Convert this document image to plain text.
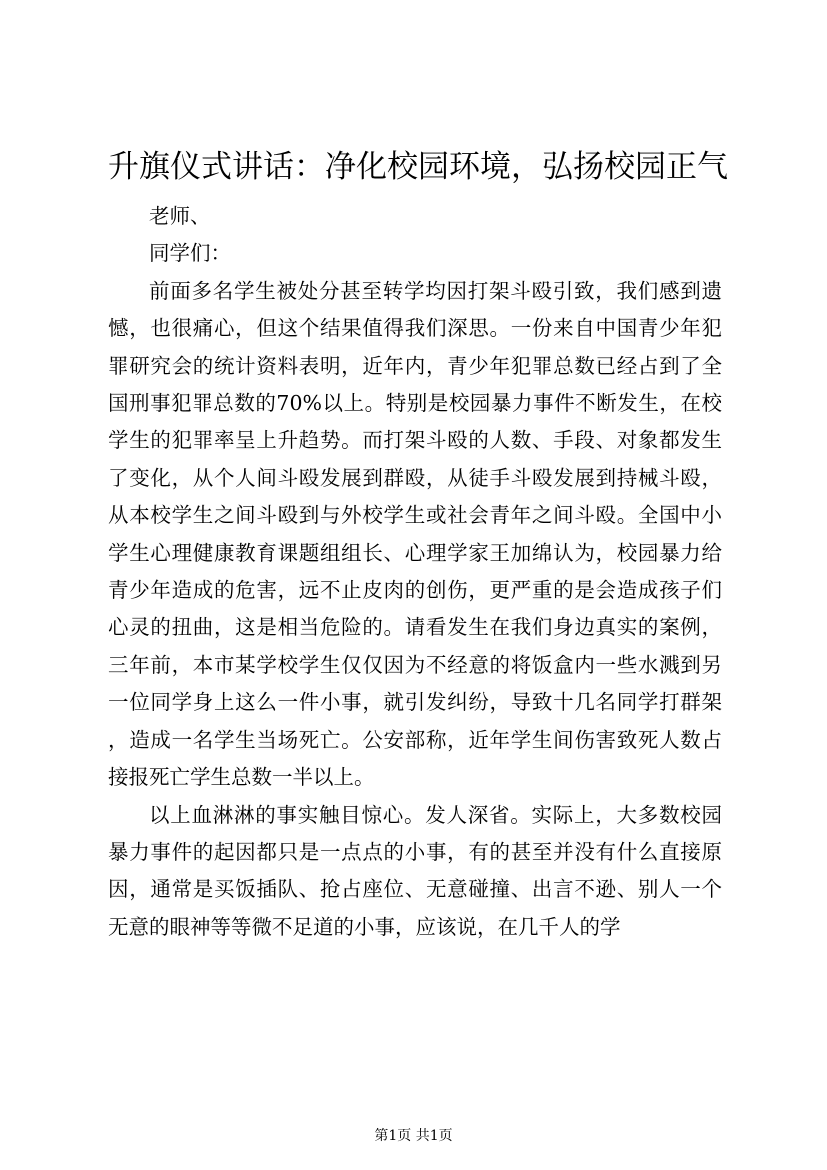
升旗仪式讲话：净化校园环境，弘扬校园正气

老师、

同学们：

前面多名学生被处分甚至转学均因打架斗殴引致，我们感到遗憾，也很痛心，但这个结果值得我们深思。一份来自中国青少年犯罪研究会的统计资料表明，近年内，青少年犯罪总数已经占到了全国刑事犯罪总数的70%以上。特别是校园暴力事件不断发生，在校学生的犯罪率呈上升趋势。而打架斗殴的人数、手段、对象都发生了变化，从个人间斗殴发展到群殴，从徒手斗殴发展到持械斗殴，从本校学生之间斗殴到与外校学生或社会青年之间斗殴。全国中小学生心理健康教育课题组组长、心理学家王加绵认为，校园暴力给青少年造成的危害，远不止皮肉的创伤，更严重的是会造成孩子们心灵的扭曲，这是相当危险的。请看发生在我们身边真实的案例，三年前，本市某学校学生仅仅因为不经意的将饭盒内一些水溅到另一位同学身上这么一件小事，就引发纠纷，导致十几名同学打群架，造成一名学生当场死亡。公安部称，近年学生间伤害致死人数占接报死亡学生总数一半以上。

以上血淋淋的事实触目惊心。发人深省。实际上，大多数校园暴力事件的起因都只是一点点的小事，有的甚至并没有什么直接原因，通常是买饭插队、抢占座位、无意碰撞、出言不逊、别人一个无意的眼神等等微不足道的小事，应该说，在几千人的学

第1页 共1页
